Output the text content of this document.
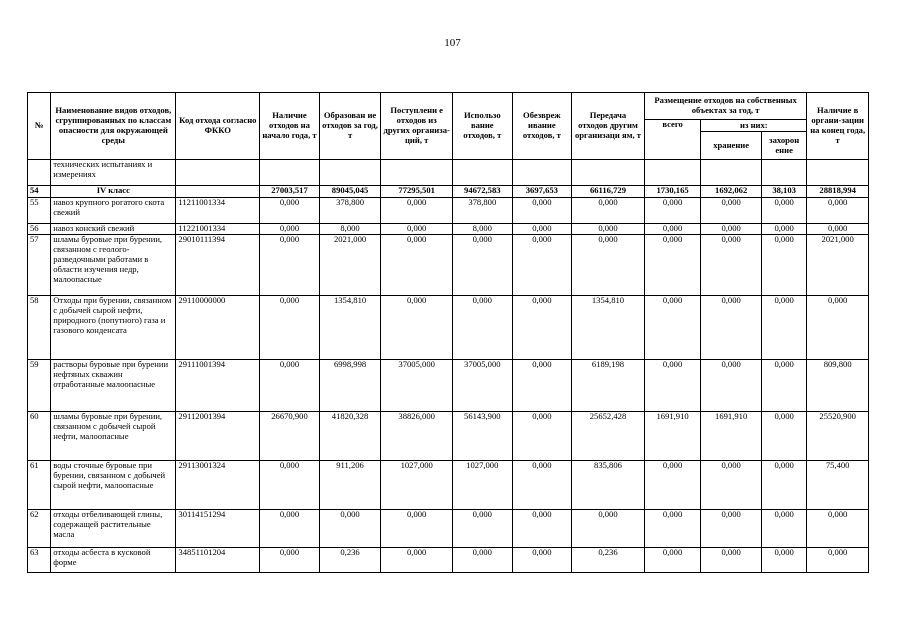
107
№	Наименование видов отходов, сгруппированных по классам опасности для окружающей среды	Код отхода согласно ФККО	Наличие отходов на начало года, т	Образован ие отходов за год, т	Поступлени е отходов из других организа-ций, т	Использо вание отходов, т	Обезвреж ивание отходов, т	Передача отходов другим организаци ям, т	Размещение отходов на собственных объектах за год, т			Наличие в органи-зации на конец года, т
									всего	из них:		
										хранение	захорон ение	
	технических испытаниях и измерениях											
54	IV класс		27003,517	89045,045	77295,501	94672,583	3697,653	66116,729	1730,165	1692,062	38,103	28818,994
55	навоз крупного рогатого скота свежий	11211001334	0,000	378,800	0,000	378,800	0,000	0,000	0,000	0,000	0,000	0,000
56	навоз конский свежий	11221001334	0,000	8,000	0,000	8,000	0,000	0,000	0,000	0,000	0,000	0,000
57	шламы буровые при бурении, связанном с геолого-разведочными работами в области изучения недр, малоопасные	29010111394	0,000	2021,000	0,000	0,000	0,000	0,000	0,000	0,000	0,000	2021,000
58	Отходы при бурении, связанном с добычей сырой нефти, природного (попутного) газа и газового конденсата	29110000000	0,000	1354,810	0,000	0,000	0,000	1354,810	0,000	0,000	0,000	0,000
59	растворы буровые при бурении нефтяных скважин отработанные малоопасные	29111001394	0,000	6998,998	37005,000	37005,000	0,000	6189,198	0,000	0,000	0,000	809,800
60	шламы буровые при бурении, связанном с добычей сырой нефти, малоопасные	29112001394	26670,900	41820,328	38826,000	56143,900	0,000	25652,428	1691,910	1691,910	0,000	25520,900
61	воды сточные буровые при бурении, связанном с добычей сырой нефти, малоопасные	29113001324	0,000	911,206	1027,000	1027,000	0,000	835,806	0,000	0,000	0,000	75,400
62	отходы отбеливающей глины, содержащей растительные масла	30114151294	0,000	0,000	0,000	0,000	0,000	0,000	0,000	0,000	0,000	0,000
63	отходы асбеста в кусковой форме	34851101204	0,000	0,236	0,000	0,000	0,000	0,236	0,000	0,000	0,000	0,000
